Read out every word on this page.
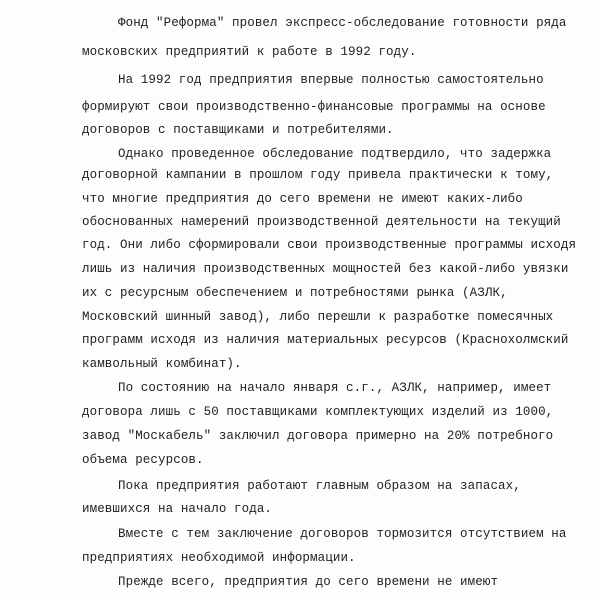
Фонд "Реформа" провел экспресс-обследование готовности ряда
московских предприятий к работе в 1992 году.
На 1992 год предприятия впервые полностью самостоятельно
формируют свои производственно-финансовые программы на основе
договоров с поставщиками и потребителями.
Однако проведенное обследование подтвердило, что задержка
договорной кампании в прошлом году привела практически к тому,
что многие предприятия до сего времени не имеют каких-либо
обоснованных намерений производственной деятельности на текущий
год. Они либо сформировали свои производственные программы исходя
лишь из наличия производственных мощностей без какой-либо увязки
их с ресурсным обеспечением и потребностями рынка (АЗЛК,
Московский шинный завод), либо перешли к разработке помесячных
программ исходя из наличия материальных ресурсов (Краснохолмский
камвольный комбинат).
По состоянию на начало января с.г., АЗЛК, например, имеет
договора лишь с 50 поставщиками комплектующих изделий из 1000,
завод "Москабель" заключил договора примерно на 20% потребного
объема ресурсов.
Пока предприятия работают главным образом на запасах,
имевшихся на начало года.
Вместе с тем заключение договоров тормозится отсутствием на
предприятиях необходимой информации.
Прежде всего, предприятия до сего времени не имеют
